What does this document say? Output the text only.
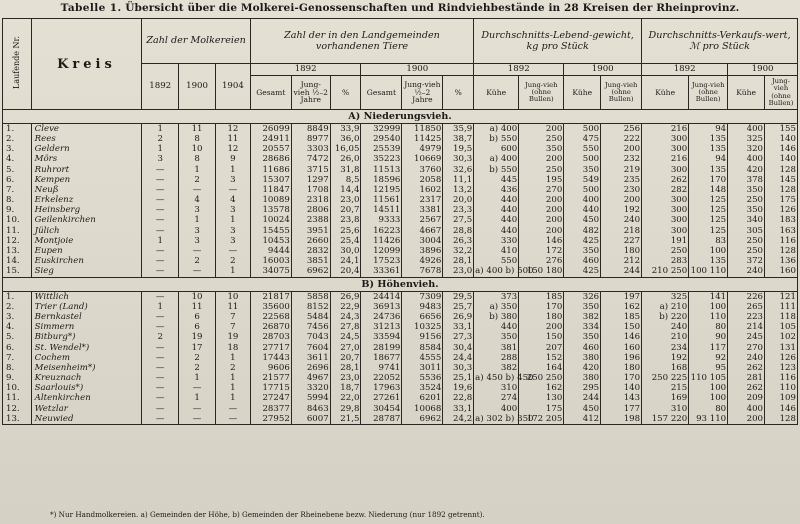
Tabelle 1. Übersicht über die Molkerei-Genossenschaften und Rindviehbestände in 28 Kreisen der Rheinprovinz.
Laufende Nr.	Kreis	Zahl der Molkereien			Zahl der in den Landgemeinden vorhandenen Tiere						Durchschnitts-Lebend-gewicht, kg pro Stück				Durchschnitts-Verkaufs-wert, ℳ pro Stück			
		1892	1900	1904	1892			1900			1892		1900		1892		1900	
					Gesamt	Jung-vieh ½–2 Jahre	%	Gesamt	Jung-vieh ½–2 Jahre	%	Kühe	Jung-vieh (ohne Bullen)	Kühe	Jung-vieh (ohne Bullen)	Kühe	Jung-vieh (ohne Bullen)	Kühe	Jung-vieh (ohne Bullen)
A) Niederungsvieh.																		
1.	Cleve	1	11	12	26099	8849	33,9	32999	11850	35,9	a) 400	200	500	256	216	94	400	155
2.	Rees	2	8	11	24911	8977	36,0	29540	11425	38,7	b) 550	250	475	222	300	135	325	140
3.	Geldern	1	10	12	20557	3303	16,05	25539	4979	19,5	600	350	550	200	300	135	320	146
4.	Mörs	3	8	9	28686	7472	26,0	35223	10669	30,3	a) 400	200	500	232	216	94	400	140
5.	Ruhrort	—	1	1	11686	3715	31,8	11513	3760	32,6	b) 550	250	350	219	300	135	420	128
6.	Kempen	—	2	3	15307	1297	8,5	18596	2058	11,1	445	195	549	235	262	170	378	145
7.	Neuß	—	—	—	11847	1708	14,4	12195	1602	13,2	436	270	500	230	282	148	350	128
8.	Erkelenz	—	4	4	10089	2318	23,0	11561	2317	20,0	440	200	400	200	300	125	250	175
9.	Heinsberg	—	3	3	13578	2806	20,7	14511	3381	23,3	440	200	440	192	300	125	350	126
10.	Geilenkirchen	—	1	1	10024	2388	23,8	9333	2567	27,5	440	200	450	240	300	125	340	183
11.	Jülich	—	3	3	15455	3951	25,6	16223	4667	28,8	440	200	482	218	300	125	305	163
12.	Montjoie	1	3	3	10453	2660	25,4	11426	3004	26,3	330	146	425	227	191	83	250	116
13.	Eupen	—	—	—	9444	2832	30,0	12099	3896	32,2	410	172	350	180	250	100	250	128
14.	Euskirchen	—	2	2	16003	3851	24,1	17523	4926	28,1	550	276	460	212	283	135	372	136
15.	Sieg	—	—	1	34075	6962	20,4	33361	7678	23,0	a) 400 b) 500	150 180	425	244	210 250	100 110	240	160
B) Höhenvieh.																		
1.	Wittlich	—	10	10	21817	5858	26,9	24414	7309	29,5	373	185	326	197	325	141	226	121
2.	Trier (Land)	1	11	11	35600	8152	22,9	36913	9483	25,7	a) 350	170	350	162	a) 210	100	265	111
3.	Bernkastel	—	6	7	22568	5484	24,3	24736	6656	26,9	b) 380	180	382	185	b) 220	110	223	118
4.	Simmern	—	6	7	26870	7456	27,8	31213	10325	33,1	440	200	334	150	240	80	214	105
5.	Bitburg*)	2	19	19	28703	7043	24,5	33594	9156	27,3	350	150	350	146	210	90	245	102
6.	St. Wendel*)	—	17	18	27717	7604	27,0	28199	8584	30,4	381	207	460	160	234	117	270	131
7.	Cochem	—	2	1	17443	3611	20,7	18677	4555	24,4	288	152	380	196	192	92	240	126
8.	Meisenheim*)	—	2	2	9606	2696	28,1	9741	3011	30,3	382	164	420	180	168	95	262	123
9.	Kreuznach	—	1	1	21577	4967	23,0	22052	5536	25,1	a) 450 b) 450	250 250	380	170	250 225	110 105	281	116
10.	Saarlouis*)	—	—	1	17715	3320	18,7	17963	3524	19,6	310	162	295	140	215	100	262	110
11.	Altenkirchen	—	1	1	27247	5994	22,0	27261	6201	22,8	274	130	244	143	169	100	209	109
12.	Wetzlar	—	—	—	28377	8463	29,8	30454	10068	33,1	400	175	450	177	310	80	400	146
13.	Neuwied	—	—	—	27952	6007	21,5	28787	6962	24,2	a) 302 b) 350	172 205	412	198	157 220	93 110	200	128
*) Nur Handmolkereien. a) Gemeinden der Höhe, b) Gemeinden der Rheinebene bezw. Niederung (nur 1892 getrennt).
